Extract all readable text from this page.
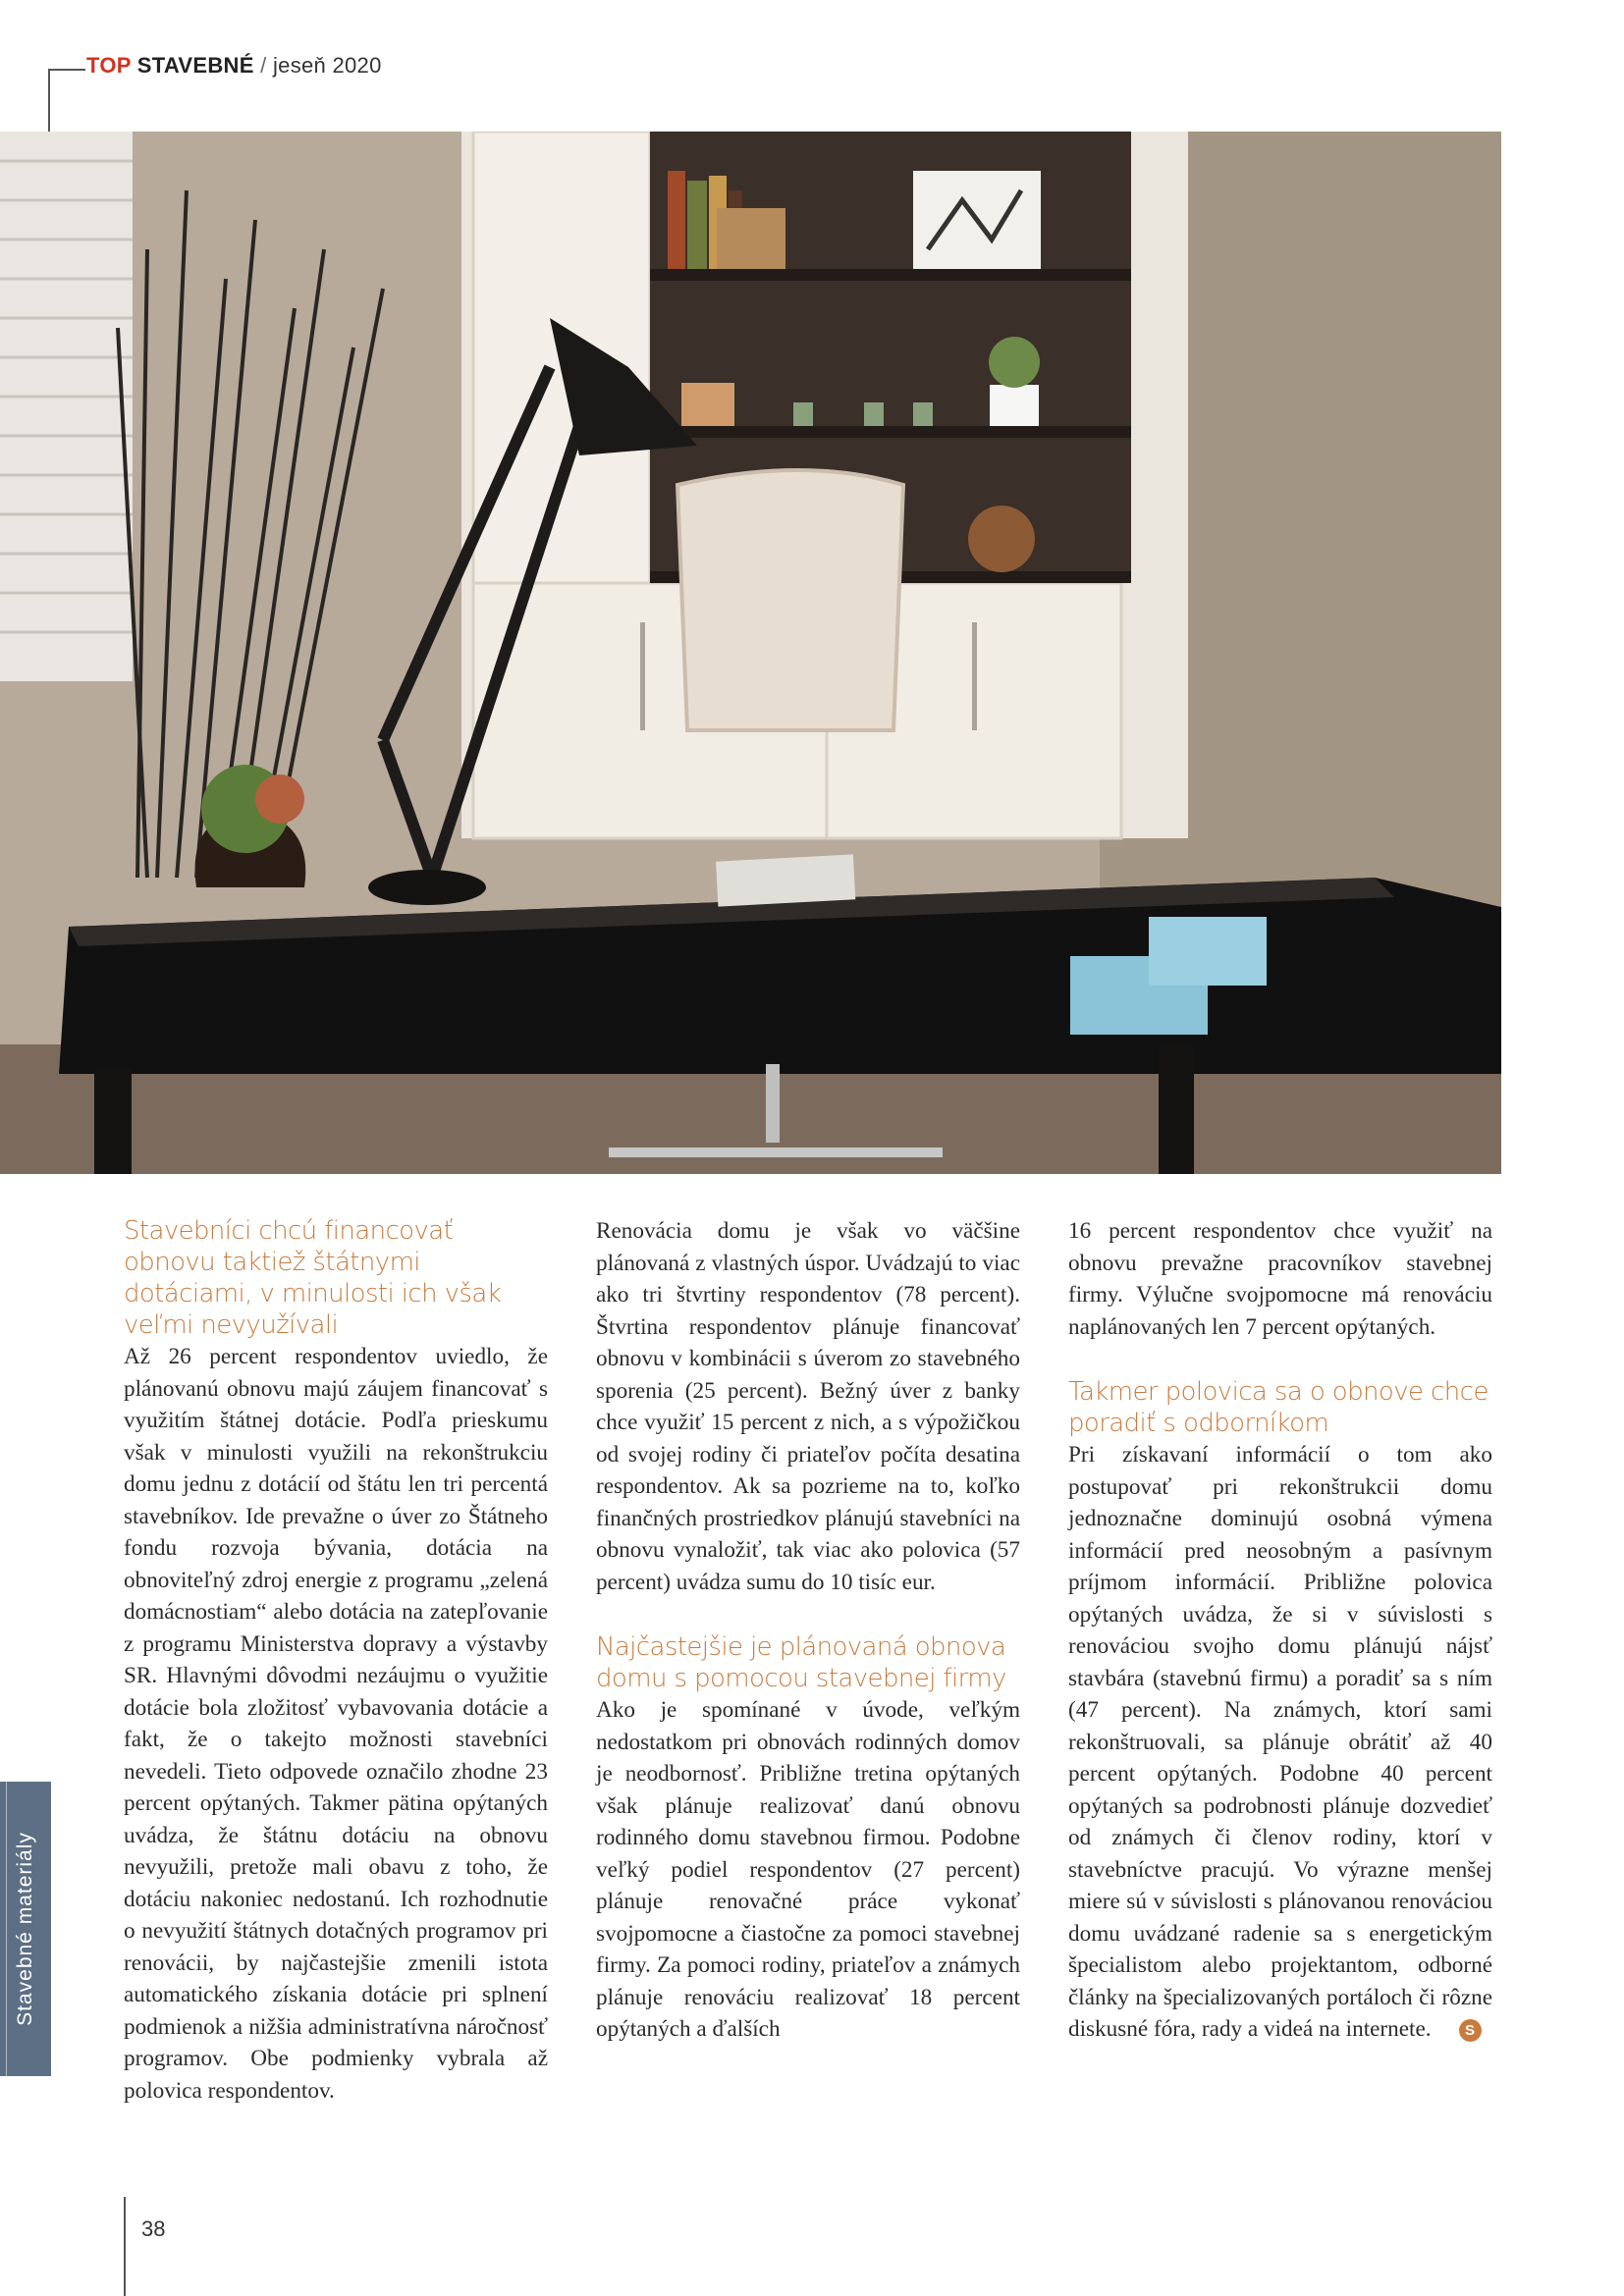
TOP STAVEBNÉ / jeseň 2020
Stavebné materiály
Stavebníci chcú financovať obnovu taktiež štátnymi dotáciami, v minulosti ich však veľmi nevyužívali

Až 26 percent respondentov uviedlo, že plánovanú obnovu majú záujem financovať s využitím štátnej dotácie. Podľa prieskumu však v minulosti využili na rekonštrukciu domu jednu z dotácií od štátu len tri percentá stavebníkov. Ide prevažne o úver zo Štátneho fondu rozvoja bývania, dotácia na obnoviteľný zdroj energie z programu „zelená domácnostiam“ alebo dotácia na zatepľovanie z programu Ministerstva dopravy a výstavby SR. Hlavnými dôvodmi nezáujmu o využitie dotácie bola zložitosť vybavovania dotácie a fakt, že o takejto možnosti stavebníci nevedeli. Tieto odpovede označilo zhodne 23 percent opýtaných. Takmer pätina opýtaných uvádza, že štátnu dotáciu na obnovu nevyužili, pretože mali obavu z toho, že dotáciu nakoniec nedostanú. Ich rozhodnutie o nevyužití štátnych dotačných programov pri renovácii, by najčastejšie zmenili istota automatického získania dotácie pri splnení podmienok a nižšia administratívna náročnosť programov. Obe podmienky vybrala až polovica respondentov.

Renovácia domu je však vo väčšine plánovaná z vlastných úspor. Uvádzajú to viac ako tri štvrtiny respondentov (78 percent). Štvrtina respondentov plánuje financovať obnovu v kombinácii s úverom zo stavebného sporenia (25 percent). Bežný úver z banky chce využiť 15 percent z nich, a s výpožičkou od svojej rodiny či priateľov počíta desatina respondentov. Ak sa pozrieme na to, koľko finančných prostriedkov plánujú stavebníci na obnovu vynaložiť, tak viac ako polovica (57 percent) uvádza sumu do 10 tisíc eur.

Najčastejšie je plánovaná obnova domu s pomocou stavebnej firmy

Ako je spomínané v úvode, veľkým nedostatkom pri obnovách rodinných domov je neodbornosť. Približne tretina opýtaných však plánuje realizovať danú obnovu rodinného domu stavebnou firmou. Podobne veľký podiel respondentov (27 percent) plánuje renovačné práce vykonať svojpomocne a čiastočne za pomoci stavebnej firmy. Za pomoci rodiny, priateľov a známych plánuje renováciu realizovať 18 percent opýtaných a ďalších

16 percent respondentov chce využiť na obnovu prevažne pracovníkov stavebnej firmy. Výlučne svojpomocne má renováciu naplánovaných len 7 percent opýtaných.

Takmer polovica sa o obnove chce poradiť s odborníkom

Pri získavaní informácií o tom ako postupovať pri rekonštrukcii domu jednoznačne dominujú osobná výmena informácií pred neosobným a pasívnym príjmom informácií. Približne polovica opýtaných uvádza, že si v súvislosti s renováciou svojho domu plánujú nájsť stavbára (stavebnú firmu) a poradiť sa s ním (47 percent). Na známych, ktorí sami rekonštruovali, sa plánuje obrátiť až 40 percent opýtaných. Podobne 40 percent opýtaných sa podrobnosti plánuje dozvedieť od známych či členov rodiny, ktorí v stavebníctve pracujú. Vo výrazne menšej miere sú v súvislosti s plánovanou renováciou domu uvádzané radenie sa s energetickým špecialistom alebo projektantom, odborné články na špecializovaných portáloch či rôzne diskusné fóra, rady a videá na internete. S

38
